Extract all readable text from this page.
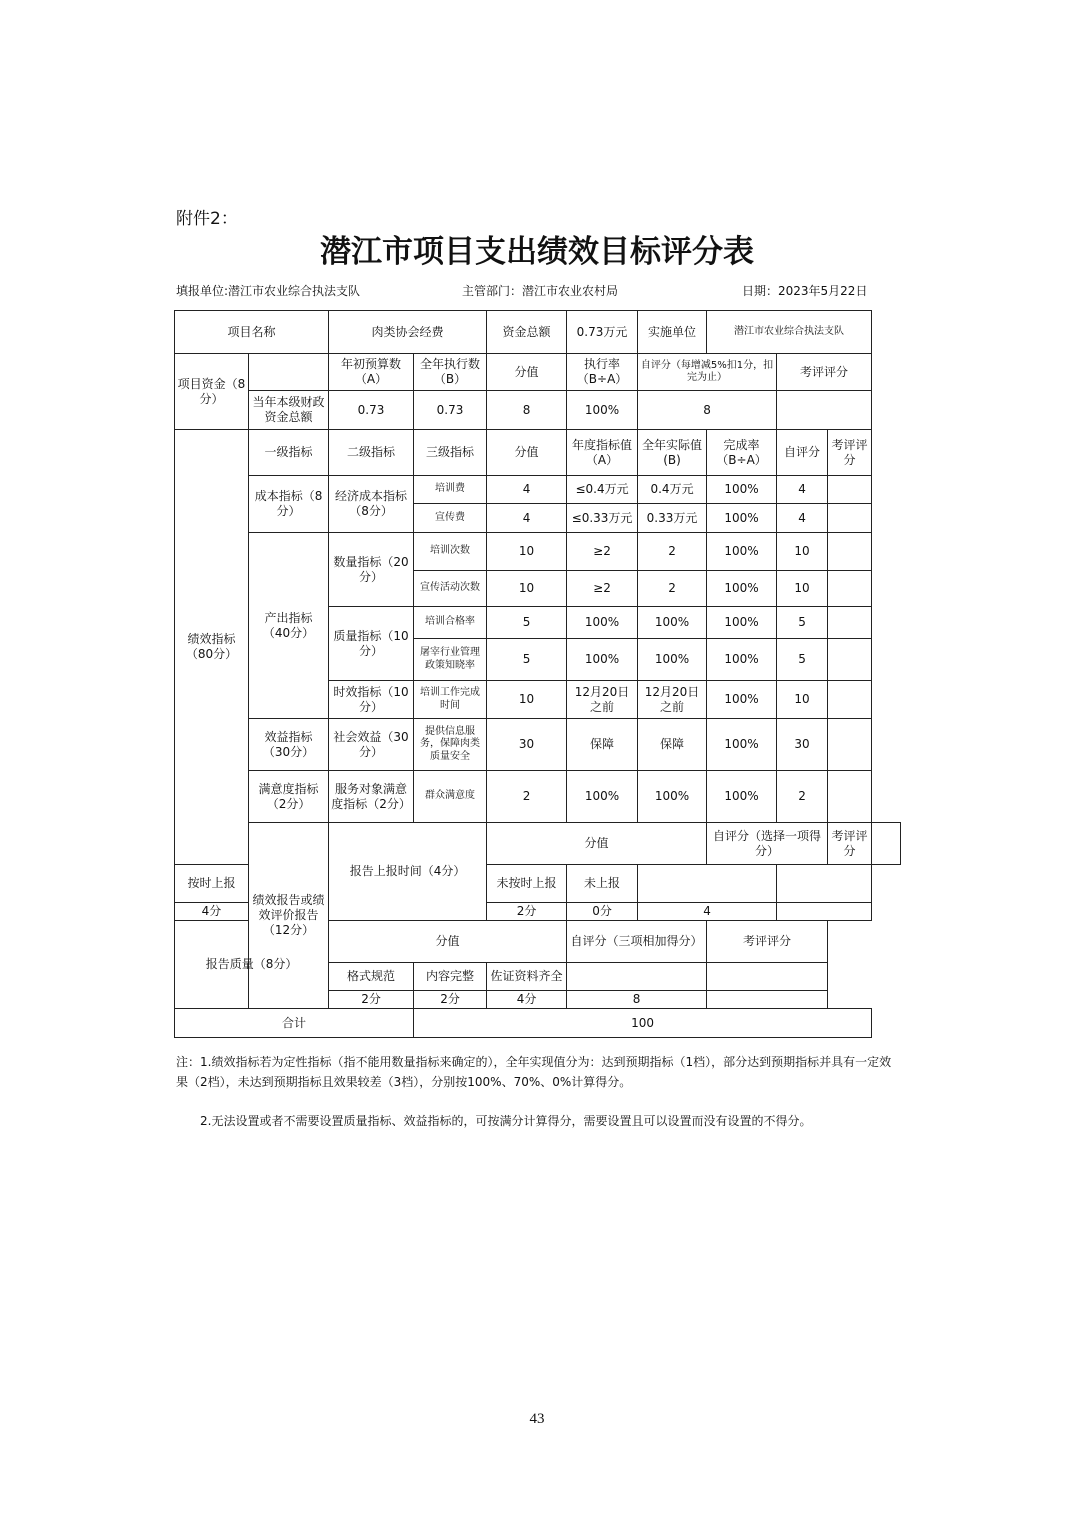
附件2：
潜江市项目支出绩效目标评分表
填报单位:潜江市农业综合执法支队	主管部门：潜江市农业农村局	日期：2023年5月22日
项目名称		肉类协会经费		资金总额	0.73万元	实施单位	潜江市农业综合执法支队			
项目资金（8分）		年初预算数（A）	全年执行数（B）	分值	执行率（B÷A）	自评分（每增减5%扣1分，扣完为止）		考评评分		
	当年本级财政资金总额	0.73	0.73	8	100%	8				
绩效指标（80分）	一级指标	二级指标	三级指标	分值	年度指标值（A）	全年实际值(B)	完成率（B÷A）	自评分	考评评分	
	成本指标（8分）	经济成本指标（8分）	培训费	4	≤0.4万元	0.4万元	100%	4		
			宣传费	4	≤0.33万元	0.33万元	100%	4		
	产出指标（40分）	数量指标（20分）	培训次数	10	≥2	2	100%	10		
			宣传活动次数	10	≥2	2	100%	10		
		质量指标（10分）	培训合格率	5	100%	100%	100%	5		
			屠宰行业管理政策知晓率	5	100%	100%	100%	5		
		时效指标（10分）	培训工作完成时间	10	12月20日之前	12月20日之前	100%	10		
	效益指标（30分）	社会效益（30分）	提供信息服务，保障肉类质量安全	30	保障	保障	100%	30		
	满意度指标（2分）	服务对象满意度指标（2分）	群众满意度	2	100%	100%	100%	2		
	绩效报告或绩效评价报告（12分）	报告上报时间（4分）		分值			自评分（选择一项得分）		考评评分	
按时上报				未按时上报	未上报					
4分				2分	0分	4				
报告质量（8分）		分值			自评分（三项相加得分）		考评评分			
		格式规范	内容完整	佐证资料齐全						
		2分	2分	4分	8					
合计			100							
注：1.绩效指标若为定性指标（指不能用数量指标来确定的），全年实现值分为：达到预期指标（1档），部分达到预期指标并具有一定效果（2档），未达到预期指标且效果较差（3档），分别按100%、70%、0%计算得分。
2.无法设置或者不需要设置质量指标、效益指标的，可按满分计算得分，需要设置且可以设置而没有设置的不得分。
43
